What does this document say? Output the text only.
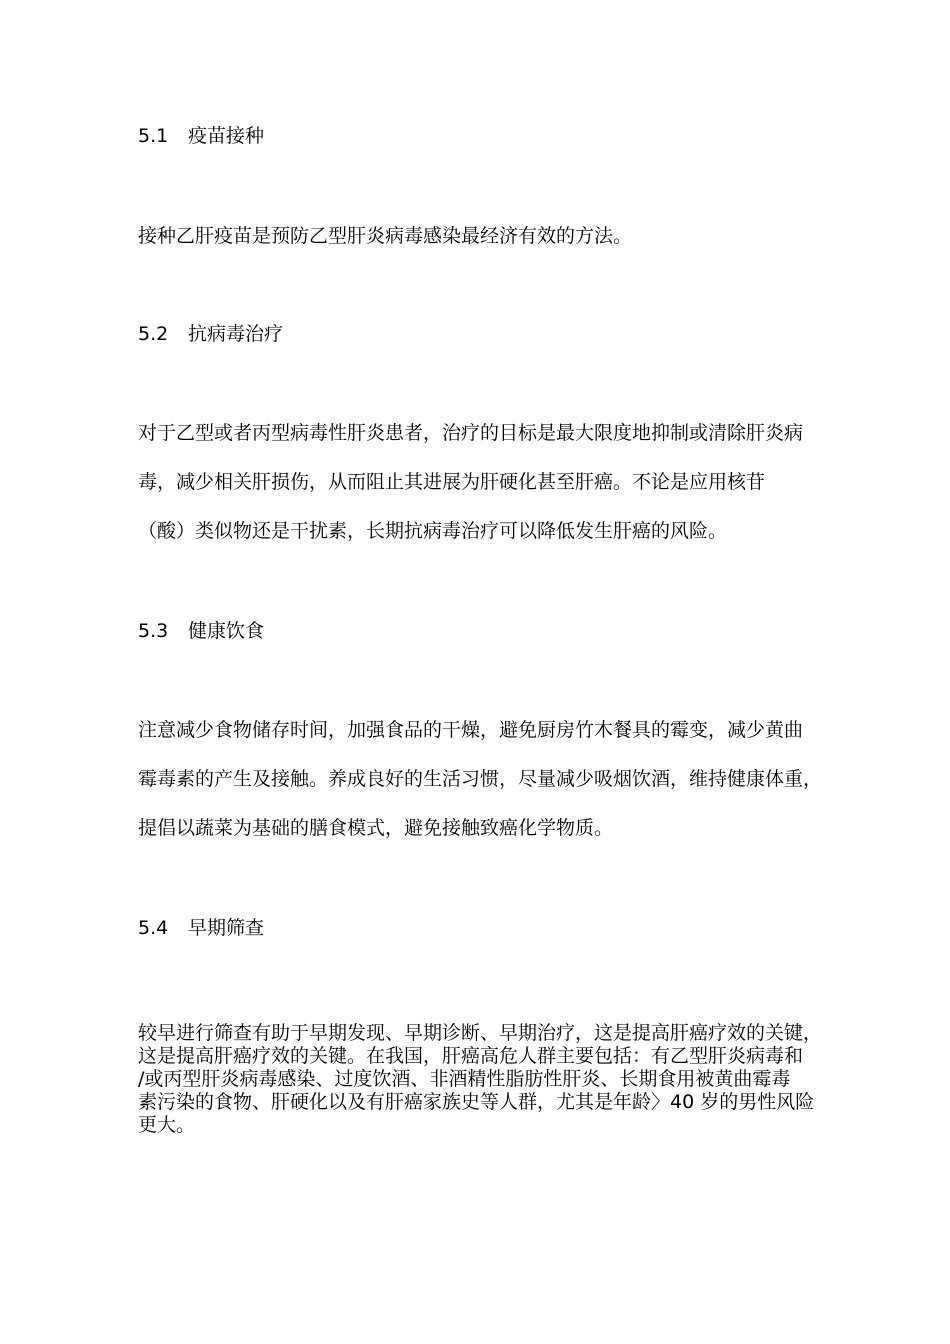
5.1 疫苗接种
接种乙肝疫苗是预防乙型肝炎病毒感染最经济有效的方法。
5.2 抗病毒治疗
对于乙型或者丙型病毒性肝炎患者，治疗的目标是最大限度地抑制或清除肝炎病
毒，减少相关肝损伤，从而阻止其进展为肝硬化甚至肝癌。不论是应用核苷
（酸）类似物还是干扰素，长期抗病毒治疗可以降低发生肝癌的风险。
5.3 健康饮食
注意减少食物储存时间，加强食品的干燥，避免厨房竹木餐具的霉变，减少黄曲
霉毒素的产生及接触。养成良好的生活习惯，尽量减少吸烟饮酒，维持健康体重，
提倡以蔬菜为基础的膳食模式，避免接触致癌化学物质。
5.4 早期筛查
较早进行筛查有助于早期发现、早期诊断、早期治疗，这是提高肝癌疗效的关键，
这是提高肝癌疗效的关键。在我国，肝癌高危人群主要包括：有乙型肝炎病毒和
/或丙型肝炎病毒感染、过度饮酒、非酒精性脂肪性肝炎、长期食用被黄曲霉毒
素污染的食物、肝硬化以及有肝癌家族史等人群，尤其是年龄〉40 岁的男性风险
更大。
